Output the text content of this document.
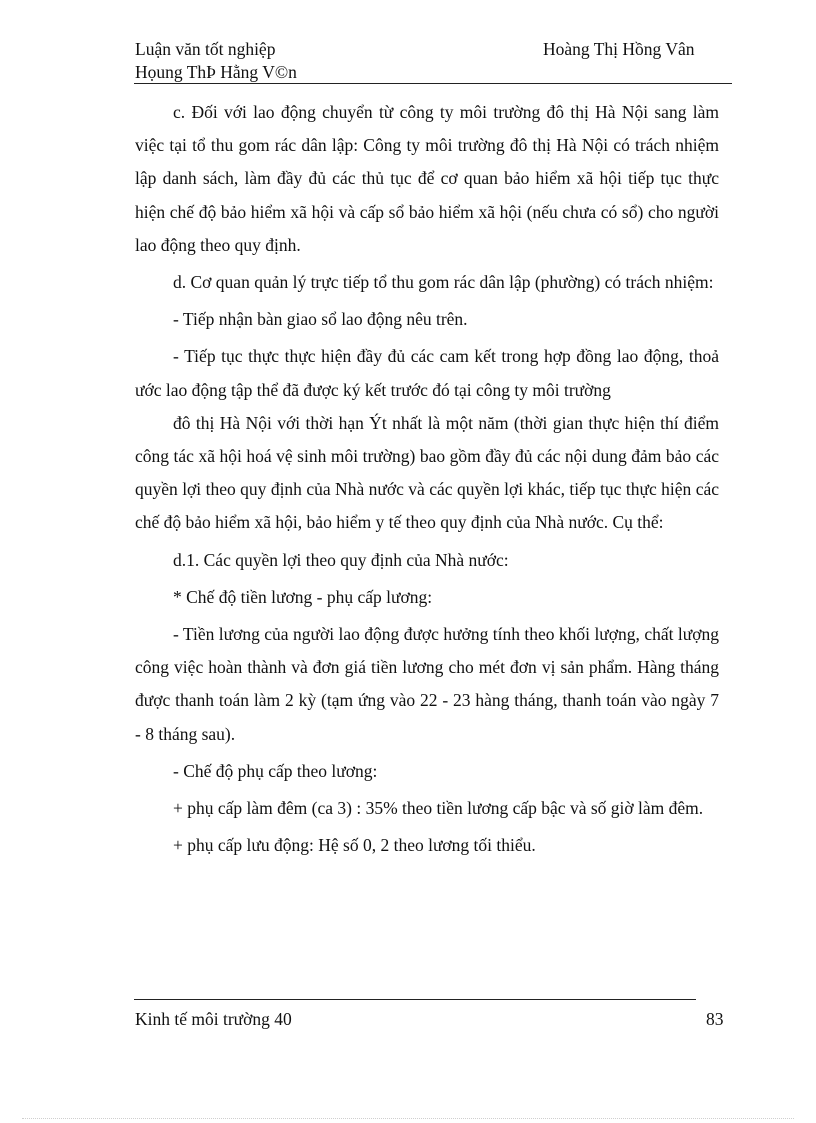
Luận văn tốt nghiệp
Họung ThÞ Hằng V©n
Hoàng Thị Hồng Vân

c. Đối với lao động chuyển từ công ty môi trường đô thị Hà Nội sang làm việc tại tổ thu gom rác dân lập: Công ty môi trường đô thị Hà Nội có trách nhiệm lập danh sách, làm đầy đủ các thủ tục để cơ quan bảo hiểm xã hội tiếp tục thực hiện chế độ bảo hiểm xã hội và cấp sổ bảo hiểm xã hội (nếu chưa có sổ) cho người lao động theo quy định.

d. Cơ quan quản lý trực tiếp tổ thu gom rác dân lập (phường) có trách nhiệm:

- Tiếp nhận bàn giao sổ lao động nêu trên.

- Tiếp tục thực thực hiện đầy đủ các cam kết trong hợp đồng lao động, thoả ước lao động tập thể đã được ký kết trước đó tại công ty môi trường

đô thị Hà Nội với thời hạn Ýt nhất là một năm (thời gian thực hiện thí điểm công tác xã hội hoá vệ sinh môi trường) bao gồm đầy đủ các nội dung đảm bảo các quyền lợi theo quy định của Nhà nước và các quyền lợi khác, tiếp tục thực hiện các chế độ bảo hiểm xã hội, bảo hiểm y tế theo quy định của Nhà nước. Cụ thể:

d.1. Các quyền lợi theo quy định của Nhà nước:

* Chế độ tiền lương - phụ cấp lương:

- Tiền lương của người lao động được hưởng tính theo khối lượng, chất lượng công việc hoàn thành và đơn giá tiền lương cho mét đơn vị sản phẩm. Hàng tháng được thanh toán làm 2 kỳ (tạm ứng vào 22 - 23 hàng tháng, thanh toán vào ngày 7 - 8 tháng sau).

- Chế độ phụ cấp theo lương:

+ phụ cấp làm đêm (ca 3) : 35% theo tiền lương cấp bậc và số giờ làm đêm.

+ phụ cấp lưu động: Hệ số 0, 2 theo lương tối thiểu.

Kinh tế môi trường 40	83
